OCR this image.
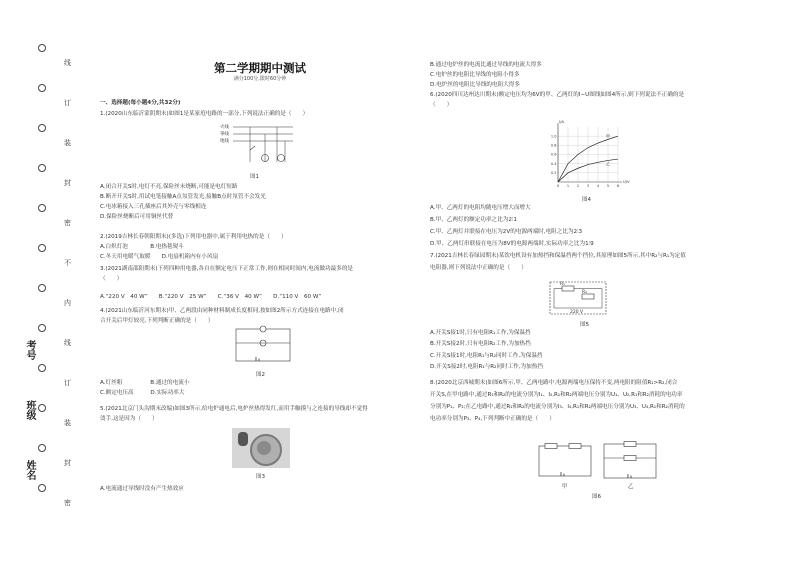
线
订
装
封
密
不
内
线
订
装
封
密
考号
班级
姓名
第二学期期中测试
满分100分,限时60分钟
一、选择题(每小题4分,共32分)
1.(2020山东临沂蒙阴期末)如图1是某家庭电路的一部分,下列说法正确的是（　　）
A.闭合开关S时,电灯不亮,保险丝未烧断,可能是电灯短路
B.断开开关S时,用试电笔接触A点氖管发光,接触B点时氖管不会发光
C.电冰箱接入三孔插座后其外壳与零线相连
D.保险丝烧断后可用铜丝代替
2.(2019吉林长春朝阳期末)(多选)下列用电器中,属于利用电热的是（　　）
A.白炽灯泡　　　　B.电热毯熨斗
C.冬天用电暖气取暖　　D.电扇机箱内有小风扇
3.(2021湖南邵阳期末)下列四种用电器,各自在额定电压下正常工作,则在相同时间内,电流做功最多的是
（　　）
A.“220 V　40 W”　　B.“220 V　25 W”　　C.“36 V　40 W”　　D.“110 V　60 W”
4.(2021山东临沂河东期末)甲、乙两段由同种材料制成长度相同,按如图2所示方式连接在电路中,闭
合开关后甲灯较亮,下列判断正确的是（　　）
A.灯丝粗　　　　　B.通过的电流小
C.额定电压高　　　D.实际功率大
5.(2021北京门头沟期末改编)如图3所示,给电炉通电后,电炉丝热得发红,而用手触摸与之连接的导线却不觉得
烫手,这是因为（　　）
A.电流通过导线时没有产生热效应
火线
零线
地线
图1
图2
图3
B.通过电炉丝的电流比通过导线的电流大得多
C.电炉丝的电阻比导线的电阻小得多
D.电炉丝的电阻比导线的电阻大得多
6.(2020四川达州达川期末)额定电压均为6V的甲、乙两灯的I−U图线如图4所示,则下列说法不正确的是
（　　）
0 1 2 3 4 5 6
0.2
0.4
0.6
0.8
1.0
U/V
I/A
甲
乙
图4
A.甲、乙两灯的电阻均随电压增大而增大
B.甲、乙两灯的额定功率之比为2∶1
C.甲、乙两灯并联接在电压为2V的电源两端时,电阻之比为2∶3
D.甲、乙两灯串联接在电压为8V的电源两端时,实际功率之比为1∶9
7.(2021吉林长春绿园期末)某饮电机设有加热挡和保温挡两个挡位,其原理如图5所示,其中R₂与R₁为定值
电阻器,则下列说法中正确的是（　　）
R₁
R₂
220 V
图5
A.开关S接1时,只有电阻R₁工作,为保温挡
B.开关S接2时,只有电阻R₂工作,为加热挡
C.开关S接1时,电阻R₁与R₂同时工作,为保温挡
D.开关S接2时,电阻R₁与R₂同时工作,为加热挡
8.(2020北京西城期末)如图6所示,甲、乙两电路中,电源两端电压保持不变,两电阻的阻值R₁>R₂,闭合
开关S,在甲电路中,通过R₁和R₂的电流分别为I₁、I₂,R₁和R₂两端电压分别为U₁、U₂,R₁和R₂消耗的电功率
分别为P₁、P₂;在乙电路中,通过R₁和R₂的电流分别为I₃、I₄,R₁和R₂两端电压分别为U₃、U₄,R₁和R₂消耗的
电功率分别为P₃、P₄,下列判断中正确的是（　　）
甲	乙
图6
